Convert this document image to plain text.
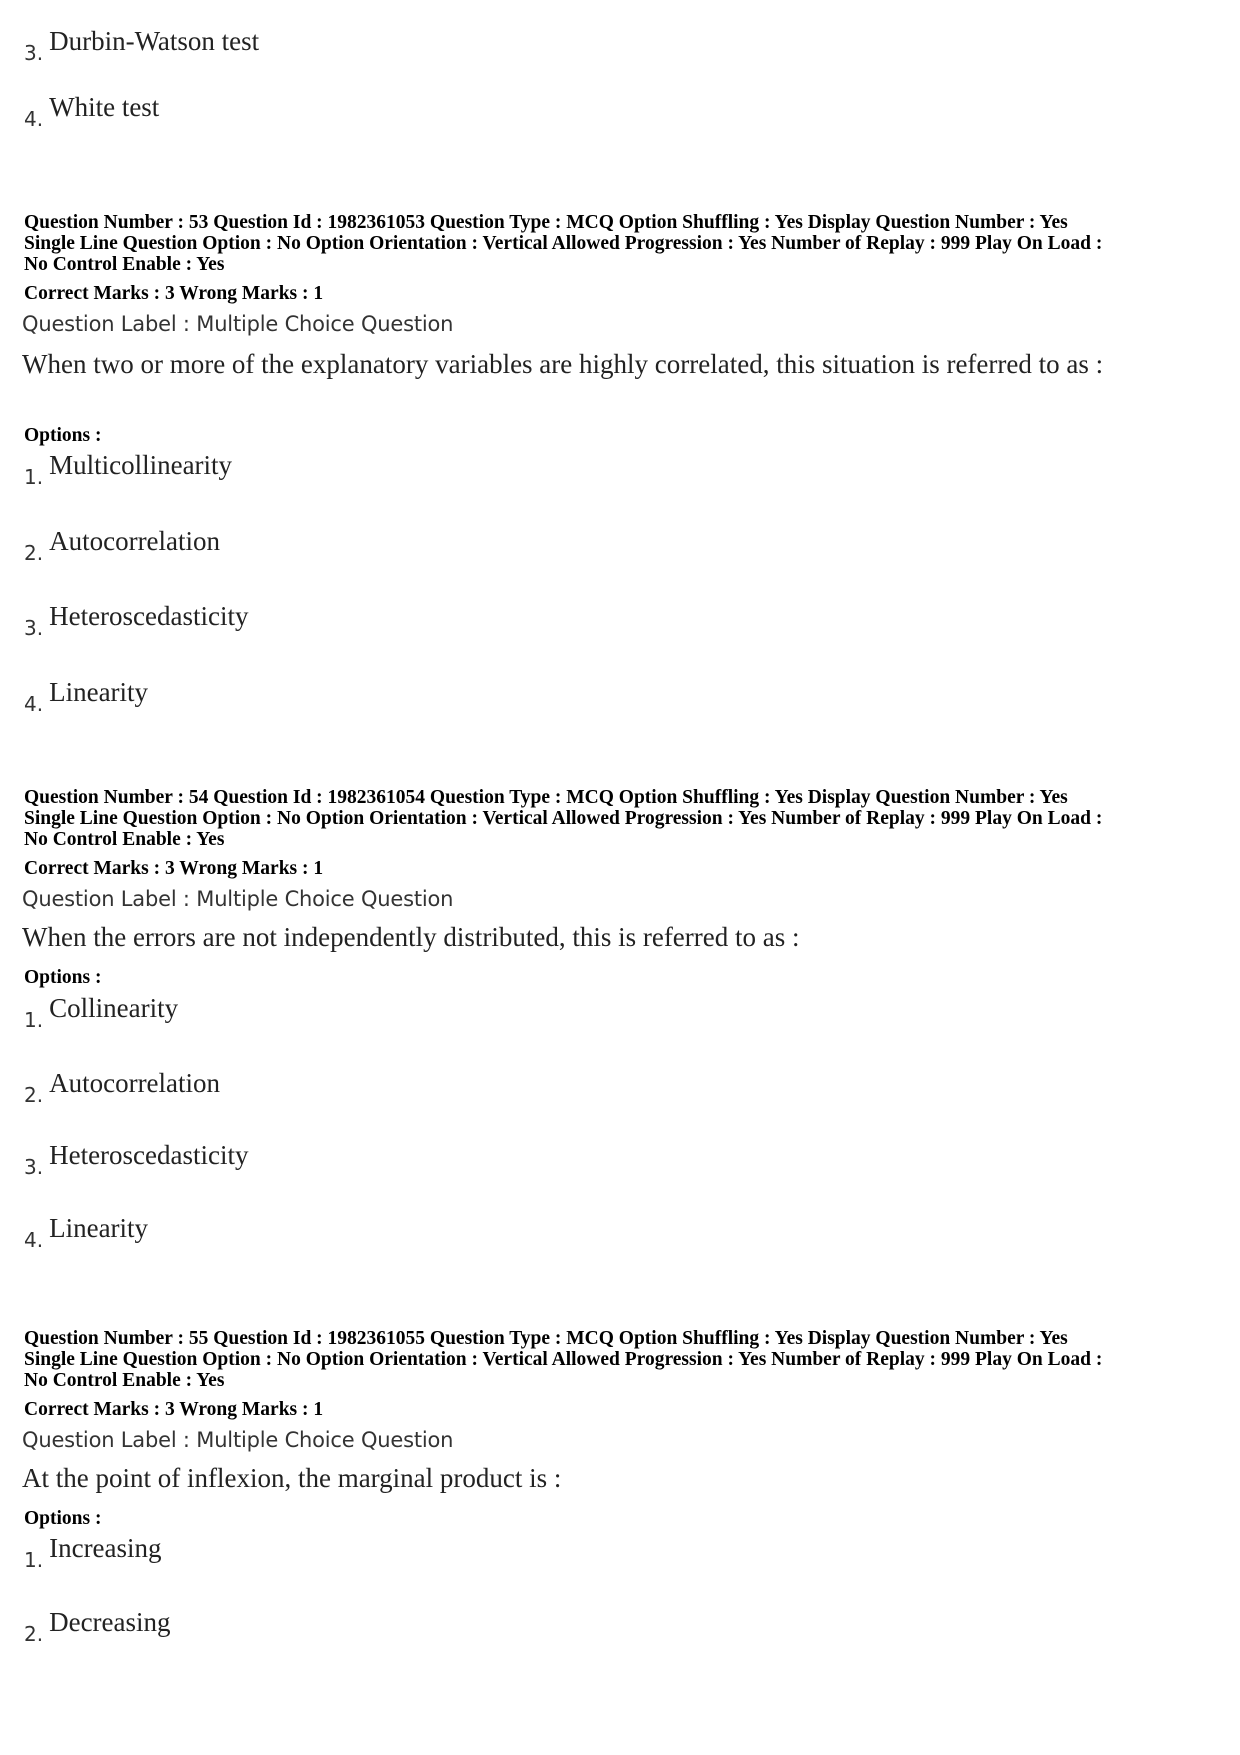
3. Durbin-Watson test
4. White test
Question Number : 53 Question Id : 1982361053 Question Type : MCQ Option Shuffling : Yes Display Question Number : Yes
Single Line Question Option : No Option Orientation : Vertical Allowed Progression : Yes Number of Replay : 999 Play On Load :
No Control Enable : Yes
Correct Marks : 3 Wrong Marks : 1
Question Label : Multiple Choice Question
When two or more of the explanatory variables are highly correlated, this situation is referred to as :
Options :
1. Multicollinearity
2. Autocorrelation
3. Heteroscedasticity
4. Linearity
Question Number : 54 Question Id : 1982361054 Question Type : MCQ Option Shuffling : Yes Display Question Number : Yes
Single Line Question Option : No Option Orientation : Vertical Allowed Progression : Yes Number of Replay : 999 Play On Load :
No Control Enable : Yes
Correct Marks : 3 Wrong Marks : 1
Question Label : Multiple Choice Question
When the errors are not independently distributed, this is referred to as :
Options :
1. Collinearity
2. Autocorrelation
3. Heteroscedasticity
4. Linearity
Question Number : 55 Question Id : 1982361055 Question Type : MCQ Option Shuffling : Yes Display Question Number : Yes
Single Line Question Option : No Option Orientation : Vertical Allowed Progression : Yes Number of Replay : 999 Play On Load :
No Control Enable : Yes
Correct Marks : 3 Wrong Marks : 1
Question Label : Multiple Choice Question
At the point of inflexion, the marginal product is :
Options :
1. Increasing
2. Decreasing
